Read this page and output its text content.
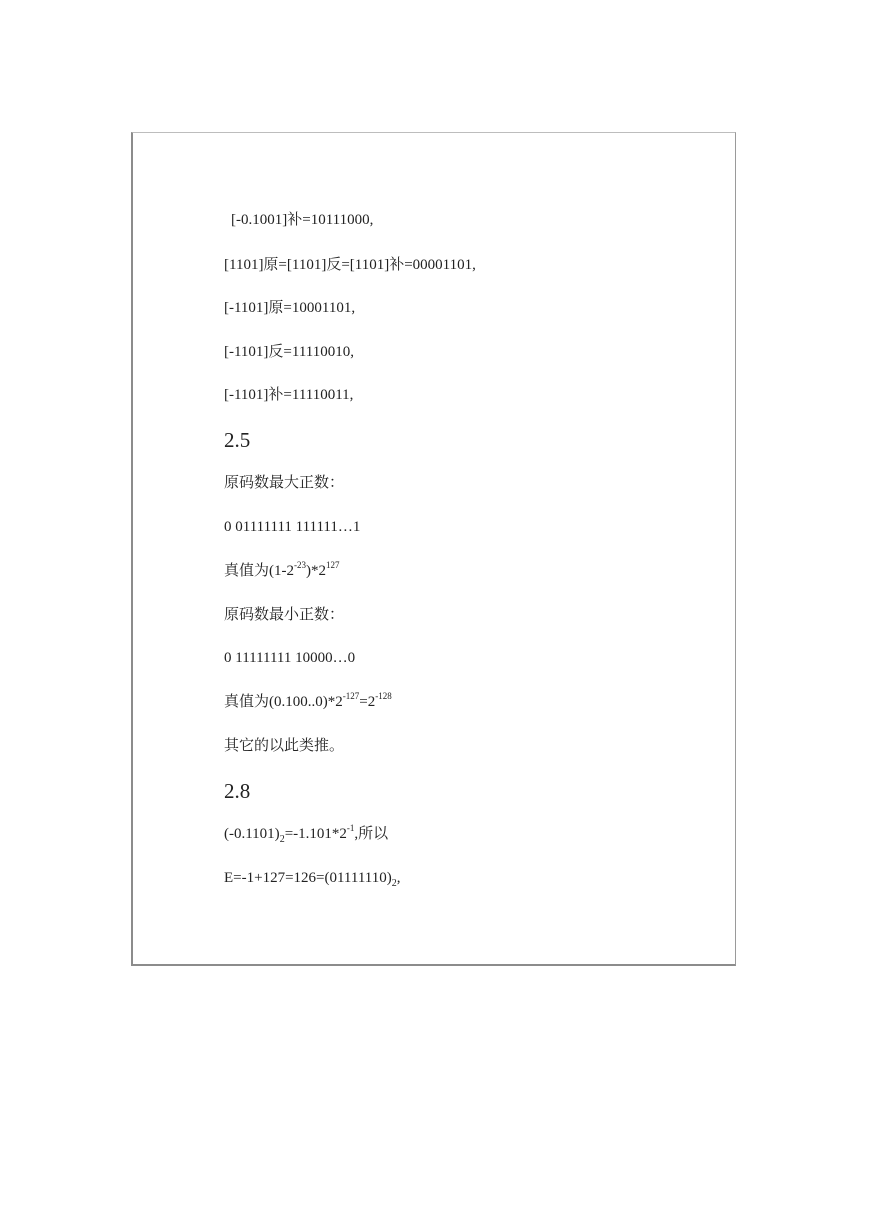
[-0.1001]补=10111000,
[1101]原=[1101]反=[1101]补=00001101,
[-1101]原=10001101,
[-1101]反=11110010,
[-1101]补=11110011,
2.5
原码数最大正数：
0 01111111 111111…1
真值为$(1-2^{-23})*2^{127}$
原码数最小正数：
0 11111111 10000…0
真值为$(0.100..0)*2^{-127}=2^{-128}$
其它的以此类推。
2.8
$(-0.1101)_2=-1.101*2^{-1}$,所以
$E=-1+127=126=(01111110)_2$,
